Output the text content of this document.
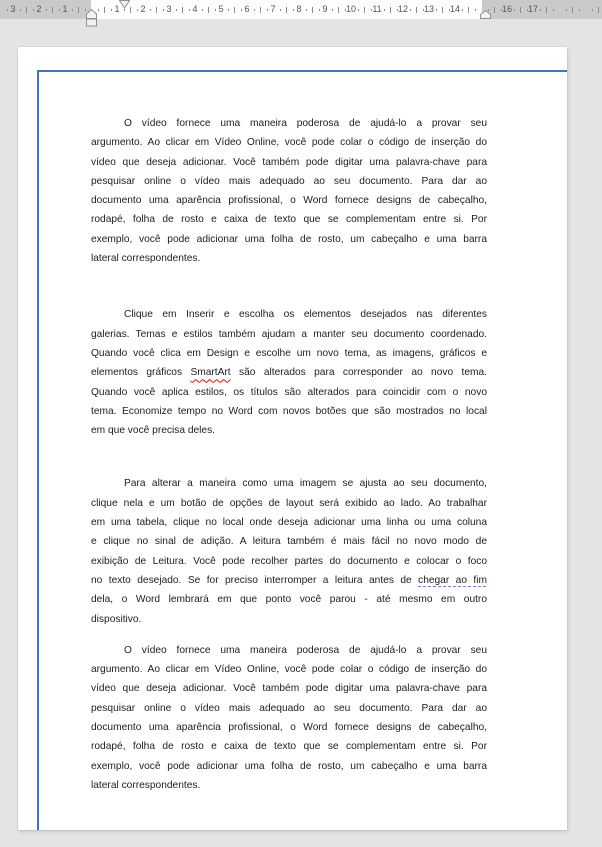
3 2 1	1 2 3 4 5 6 7 8 9 10 11 12 13 14	16 17
O vídeo fornece uma maneira poderosa de ajudá-lo a provar seu
argumento. Ao clicar em Vídeo Online, você pode colar o código de inserção do
vídeo que deseja adicionar. Você também pode digitar uma palavra-chave para
pesquisar online o vídeo mais adequado ao seu documento. Para dar ao
documento uma aparência profissional, o Word fornece designs de cabeçalho,
rodapé, folha de rosto e caixa de texto que se complementam entre si. Por
exemplo, você pode adicionar uma folha de rosto, um cabeçalho e uma barra
lateral correspondentes.
Clique em Inserir e escolha os elementos desejados nas diferentes
galerias. Temas e estilos também ajudam a manter seu documento coordenado.
Quando você clica em Design e escolhe um novo tema, as imagens, gráficos e
elementos gráficos SmartArt são alterados para corresponder ao novo tema.
Quando você aplica estilos, os títulos são alterados para coincidir com o novo
tema. Economize tempo no Word com novos botões que são mostrados no local
em que você precisa deles.
Para alterar a maneira como uma imagem se ajusta ao seu documento,
clique nela e um botão de opções de layout será exibido ao lado. Ao trabalhar
em uma tabela, clique no local onde deseja adicionar uma linha ou uma coluna
e clique no sinal de adição. A leitura também é mais fácil no novo modo de
exibição de Leitura. Você pode recolher partes do documento e colocar o foco
no texto desejado. Se for preciso interromper a leitura antes de chegar ao fim
dela, o Word lembrará em que ponto você parou - até mesmo em outro
dispositivo.
O vídeo fornece uma maneira poderosa de ajudá-lo a provar seu
argumento. Ao clicar em Vídeo Online, você pode colar o código de inserção do
vídeo que deseja adicionar. Você também pode digitar uma palavra-chave para
pesquisar online o vídeo mais adequado ao seu documento. Para dar ao
documento uma aparência profissional, o Word fornece designs de cabeçalho,
rodapé, folha de rosto e caixa de texto que se complementam entre si. Por
exemplo, você pode adicionar uma folha de rosto, um cabeçalho e uma barra
lateral correspondentes.
